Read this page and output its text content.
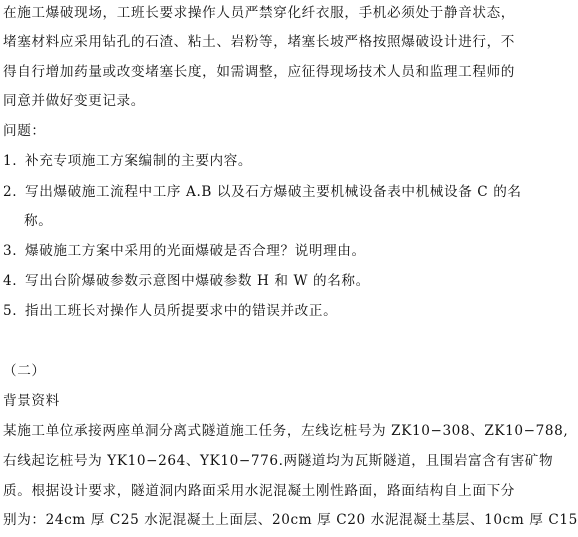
在施工爆破现场，工班长要求操作人员严禁穿化纤衣服，手机必须处于静音状态，
堵塞材料应采用钻孔的石渣、粘土、岩粉等，堵塞长坡严格按照爆破设计进行，不
得自行增加药量或改变堵塞长度，如需调整，应征得现场技术人员和监理工程师的
同意并做好变更记录。
问题：
1. 补充专项施工方案编制的主要内容。
2. 写出爆破施工流程中工序 A.B 以及石方爆破主要机械设备表中机械设备 C 的名
称。
3. 爆破施工方案中采用的光面爆破是否合理？说明理由。
4. 写出台阶爆破参数示意图中爆破参数 H 和 W 的名称。
5. 指出工班长对操作人员所提要求中的错误并改正。
（二）
背景资料
某施工单位承接两座单洞分离式隧道施工任务，左线讫桩号为 ZK10−308、ZK10−788,
右线起讫桩号为 YK10−264、YK10−776.两隧道均为瓦斯隧道，且围岩富含有害矿物
质。根据设计要求，隧道洞内路面采用水泥混凝土刚性路面，路面结构自上面下分
别为：24cm 厚 C25 水泥混凝土上面层、20cm 厚 C20 水泥混凝土基层、10cm 厚 C15
